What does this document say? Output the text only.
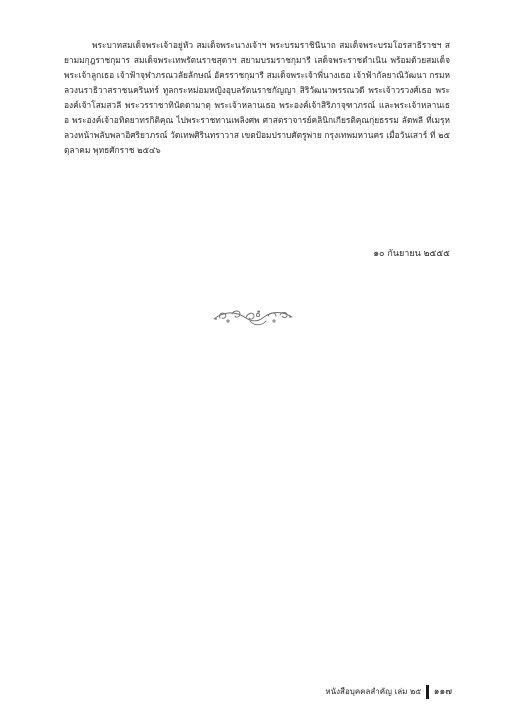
พระบาทสมเด็จพระเจ้าอยู่หัว สมเด็จพระนางเจ้าฯ พระบรมราชินีนาถ สมเด็จพระบรมโอรสาธิราชฯ สยามมกุฎราชกุมาร สมเด็จพระเทพรัตนราชสุดาฯ สยามบรมราชกุมารี เสด็จพระราชดำเนิน พร้อมด้วยสมเด็จพระเจ้าลูกเธอ เจ้าฟ้าจุฬาภรณวลัยลักษณ์ อัครราชกุมารี สมเด็จพระเจ้าพี่นางเธอ เจ้าฟ้ากัลยาณิวัฒนา กรมหลวงนราธิวาสราชนครินทร์ ทูลกระหม่อมหญิงอุบลรัตนราชกัญญา สิริวัฒนาพรรณวดี พระเจ้าวรวงศ์เธอ พระองค์เจ้าโสมสวลี พระวรราชาทินัดดามาตุ พระเจ้าหลานเธอ พระองค์เจ้าสิริภาจุฑาภรณ์ และพระเจ้าหลานเธอ พระองค์เจ้าอทิตยาทรกิติคุณ ไปพระราชทานเพลิงศพ ศาสตราจารย์คลินิกเกียรติคุณกุ่ยธรรม ลัดพลี ที่เมรุหลวงหน้าพลับพลาอิศริยาภรณ์ วัดเทพศิรินทราวาส เขตป้อมปราบศัตรูพ่าย กรุงเทพมหานคร เมื่อวันเสาร์ ที่ ๒๕ ตุลาคม พุทธศักราช ๒๕๔๖

๑๐ กันยายน ๒๕๕๕
หนังสือบุคคลสำคัญ เล่ม ๒๕ ๑๑๗
